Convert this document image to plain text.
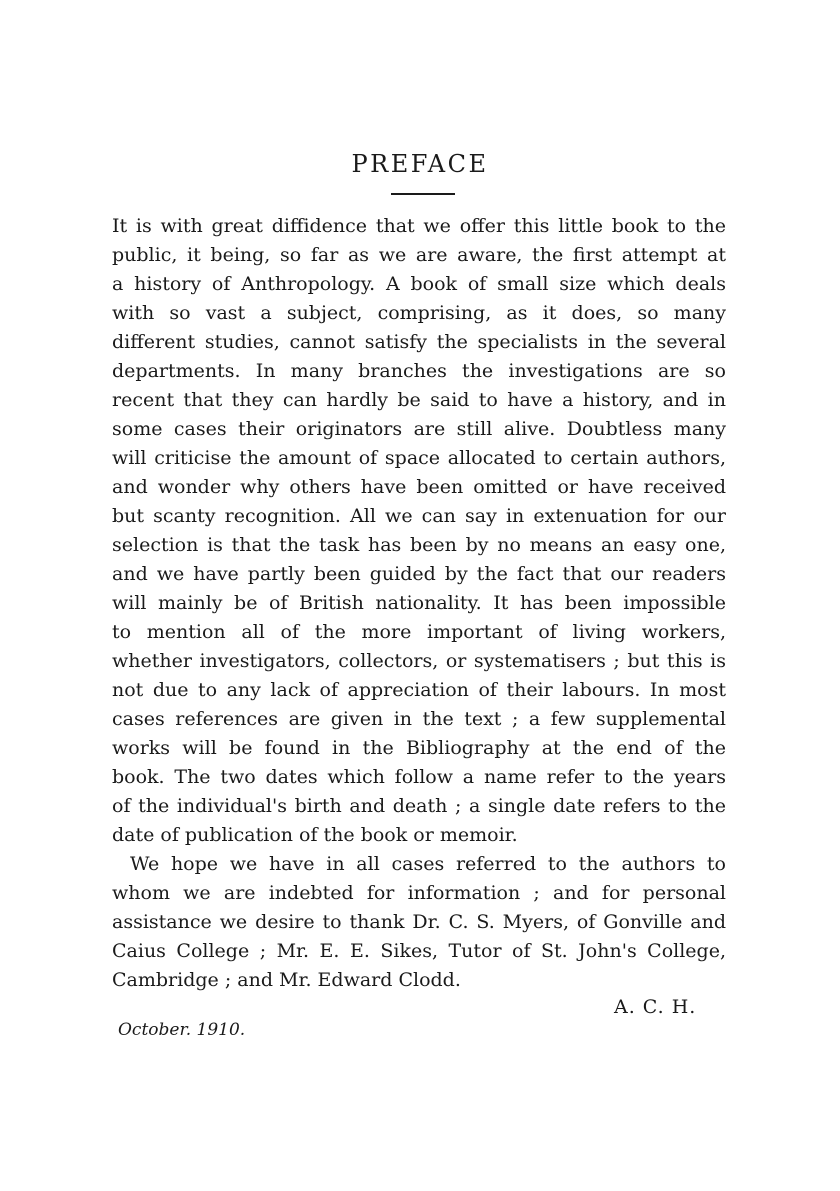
PREFACE
It is with great diffidence that we offer this little book to the
public, it being, so far as we are aware, the first attempt at
a history of Anthropology. A book of small size which deals
with so vast a subject, comprising, as it does, so many
different studies, cannot satisfy the specialists in the several
departments. In many branches the investigations are so
recent that they can hardly be said to have a history, and in
some cases their originators are still alive. Doubtless many
will criticise the amount of space allocated to certain authors,
and wonder why others have been omitted or have received
but scanty recognition. All we can say in extenuation for our
selection is that the task has been by no means an easy one,
and we have partly been guided by the fact that our readers
will mainly be of British nationality. It has been impossible
to mention all of the more important of living workers,
whether investigators, collectors, or systematisers ; but this is
not due to any lack of appreciation of their labours. In most
cases references are given in the text ; a few supplemental
works will be found in the Bibliography at the end of the
book. The two dates which follow a name refer to the years
of the individual's birth and death ; a single date refers to the
date of publication of the book or memoir.
We hope we have in all cases referred to the authors to
whom we are indebted for information ; and for personal
assistance we desire to thank Dr. C. S. Myers, of Gonville and
Caius College ; Mr. E. E. Sikes, Tutor of St. John's College,
Cambridge ; and Mr. Edward Clodd.
A. C. H.
October. 1910.
